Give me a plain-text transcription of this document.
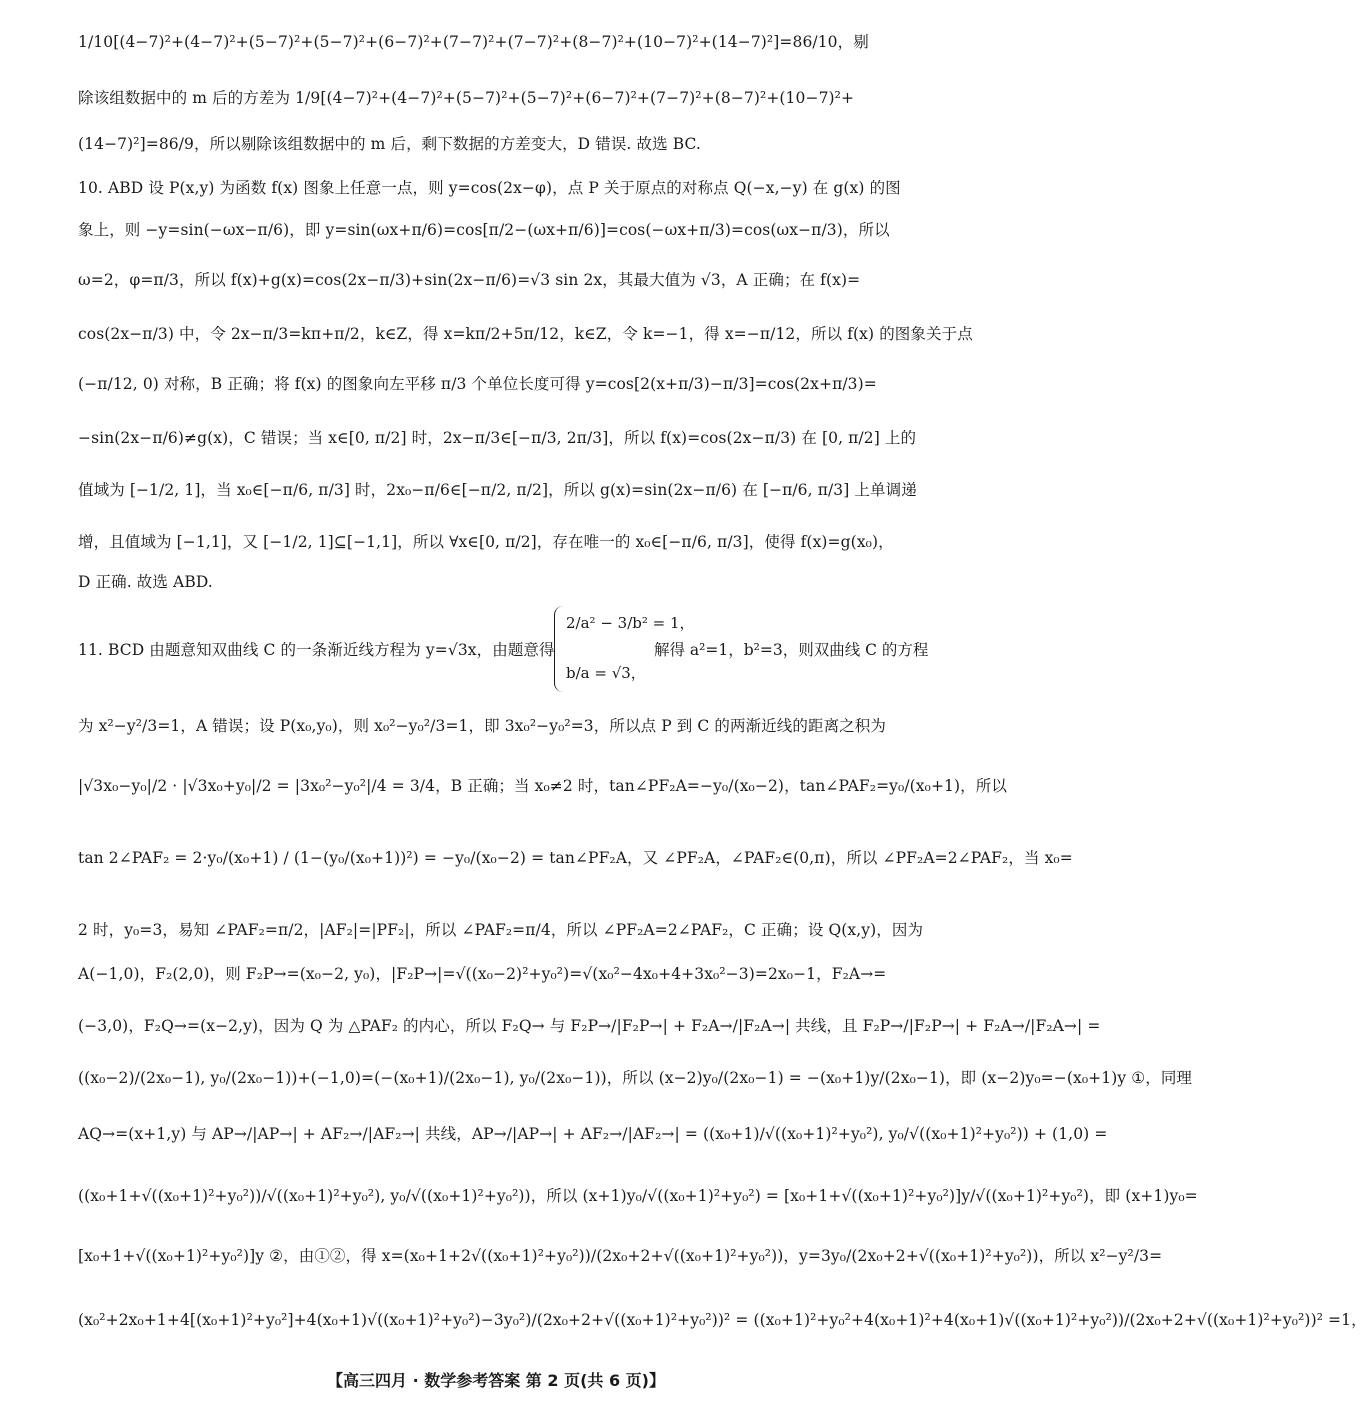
1/10[(4−7)²+(4−7)²+(5−7)²+(5−7)²+(6−7)²+(7−7)²+(7−7)²+(8−7)²+(10−7)²+(14−7)²]=86/10，剔
除该组数据中的 m 后的方差为 1/9[(4−7)²+(4−7)²+(5−7)²+(5−7)²+(6−7)²+(7−7)²+(8−7)²+(10−7)²+
(14−7)²]=86/9，所以剔除该组数据中的 m 后，剩下数据的方差变大，D 错误. 故选 BC.
10. ABD 设 P(x,y) 为函数 f(x) 图象上任意一点，则 y=cos(2x−φ)，点 P 关于原点的对称点 Q(−x,−y) 在 g(x) 的图
象上，则 −y=sin(−ωx−π/6)，即 y=sin(ωx+π/6)=cos[π/2−(ωx+π/6)]=cos(−ωx+π/3)=cos(ωx−π/3)，所以
ω=2，φ=π/3，所以 f(x)+g(x)=cos(2x−π/3)+sin(2x−π/6)=√3 sin 2x，其最大值为 √3，A 正确；在 f(x)=
cos(2x−π/3) 中，令 2x−π/3=kπ+π/2，k∈Z，得 x=kπ/2+5π/12，k∈Z，令 k=−1，得 x=−π/12，所以 f(x) 的图象关于点
(−π/12, 0) 对称，B 正确；将 f(x) 的图象向左平移 π/3 个单位长度可得 y=cos[2(x+π/3)−π/3]=cos(2x+π/3)=
−sin(2x−π/6)≠g(x)，C 错误；当 x∈[0, π/2] 时，2x−π/3∈[−π/3, 2π/3]，所以 f(x)=cos(2x−π/3) 在 [0, π/2] 上的
值域为 [−1/2, 1]，当 x₀∈[−π/6, π/3] 时，2x₀−π/6∈[−π/2, π/2]，所以 g(x)=sin(2x−π/6) 在 [−π/6, π/3] 上单调递
增，且值域为 [−1,1]，又 [−1/2, 1]⊆[−1,1]，所以 ∀x∈[0, π/2]，存在唯一的 x₀∈[−π/6, π/3]，使得 f(x)=g(x₀)，
D 正确. 故选 ABD.
11. BCD 由题意知双曲线 C 的一条渐近线方程为 y=√3x，由题意得
2/a² − 3/b² = 1，
b/a = √3，
解得 a²=1，b²=3，则双曲线 C 的方程
为 x²−y²/3=1，A 错误；设 P(x₀,y₀)，则 x₀²−y₀²/3=1，即 3x₀²−y₀²=3，所以点 P 到 C 的两渐近线的距离之积为
|√3x₀−y₀|/2 · |√3x₀+y₀|/2 = |3x₀²−y₀²|/4 = 3/4，B 正确；当 x₀≠2 时，tan∠PF₂A=−y₀/(x₀−2)，tan∠PAF₂=y₀/(x₀+1)，所以
tan 2∠PAF₂ = 2·y₀/(x₀+1) / (1−(y₀/(x₀+1))²) = −y₀/(x₀−2) = tan∠PF₂A，又 ∠PF₂A，∠PAF₂∈(0,π)，所以 ∠PF₂A=2∠PAF₂，当 x₀=
2 时，y₀=3，易知 ∠PAF₂=π/2，|AF₂|=|PF₂|，所以 ∠PAF₂=π/4，所以 ∠PF₂A=2∠PAF₂，C 正确；设 Q(x,y)，因为
A(−1,0)，F₂(2,0)，则 F₂P→=(x₀−2, y₀)，|F₂P→|=√((x₀−2)²+y₀²)=√(x₀²−4x₀+4+3x₀²−3)=2x₀−1，F₂A→=
(−3,0)，F₂Q→=(x−2,y)，因为 Q 为 △PAF₂ 的内心，所以 F₂Q→ 与 F₂P→/|F₂P→| + F₂A→/|F₂A→| 共线，且 F₂P→/|F₂P→| + F₂A→/|F₂A→| =
((x₀−2)/(2x₀−1), y₀/(2x₀−1))+(−1,0)=(−(x₀+1)/(2x₀−1), y₀/(2x₀−1))，所以 (x−2)y₀/(2x₀−1) = −(x₀+1)y/(2x₀−1)，即 (x−2)y₀=−(x₀+1)y ①，同理
AQ→=(x+1,y) 与 AP→/|AP→| + AF₂→/|AF₂→| 共线，AP→/|AP→| + AF₂→/|AF₂→| = ((x₀+1)/√((x₀+1)²+y₀²), y₀/√((x₀+1)²+y₀²)) + (1,0) =
((x₀+1+√((x₀+1)²+y₀²))/√((x₀+1)²+y₀²), y₀/√((x₀+1)²+y₀²))，所以 (x+1)y₀/√((x₀+1)²+y₀²) = [x₀+1+√((x₀+1)²+y₀²)]y/√((x₀+1)²+y₀²)，即 (x+1)y₀=
[x₀+1+√((x₀+1)²+y₀²)]y ②，由①②，得 x=(x₀+1+2√((x₀+1)²+y₀²))/(2x₀+2+√((x₀+1)²+y₀²))，y=3y₀/(2x₀+2+√((x₀+1)²+y₀²))，所以 x²−y²/3=
(x₀²+2x₀+1+4[(x₀+1)²+y₀²]+4(x₀+1)√((x₀+1)²+y₀²)−3y₀²)/(2x₀+2+√((x₀+1)²+y₀²))² = ((x₀+1)²+y₀²+4(x₀+1)²+4(x₀+1)√((x₀+1)²+y₀²))/(2x₀+2+√((x₀+1)²+y₀²))² =1，
【高三四月 · 数学参考答案 第 2 页(共 6 页)】
